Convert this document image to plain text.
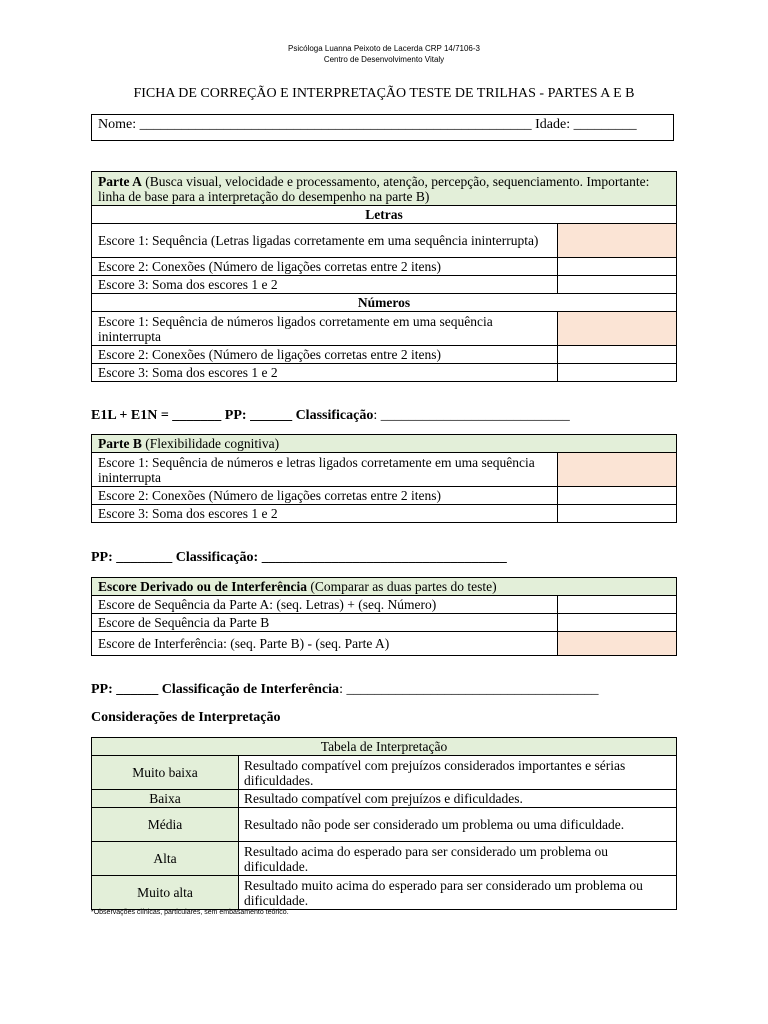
Psicóloga Luanna Peixoto de Lacerda CRP 14/7106-3
Centro de Desenvolvimento Vitaly
FICHA DE CORREÇÃO E INTERPRETAÇÃO TESTE DE TRILHAS - PARTES A E B
Nome: ________________________________________________________ Idade: _________
Parte A (Busca visual, velocidade e processamento, atenção, percepção, sequenciamento. Importante: linha de base para a interpretação do desempenho na parte B)	
Letras	
Escore 1: Sequência (Letras ligadas corretamente em uma sequência ininterrupta)	
Escore 2: Conexões (Número de ligações corretas entre 2 itens)	
Escore 3: Soma dos escores 1 e 2	
Números	
Escore 1: Sequência de números ligados corretamente em uma sequência ininterrupta	
Escore 2: Conexões (Número de ligações corretas entre 2 itens)	
Escore 3: Soma dos escores 1 e 2	
E1L + E1N = _______ PP: ______ Classificação: ___________________________
Parte B (Flexibilidade cognitiva)	
Escore 1: Sequência de números e letras ligados corretamente em uma sequência ininterrupta	
Escore 2: Conexões (Número de ligações corretas entre 2 itens)	
Escore 3: Soma dos escores 1 e 2	
PP: ________ Classificação: ___________________________________
Escore Derivado ou de Interferência (Comparar as duas partes do teste)	
Escore de Sequência da Parte A: (seq. Letras) + (seq. Número)	
Escore de Sequência da Parte B	
Escore de Interferência: (seq. Parte B) - (seq. Parte A)	
PP: ______ Classificação de Interferência: ____________________________________
Considerações de Interpretação
Tabela de Interpretação	
Muito baixa	Resultado compatível com prejuízos considerados importantes e sérias dificuldades.
Baixa	Resultado compatível com prejuízos e dificuldades.
Média	Resultado não pode ser considerado um problema ou uma dificuldade.
Alta	Resultado acima do esperado para ser considerado um problema ou dificuldade.
Muito alta	Resultado muito acima do esperado para ser considerado um problema ou dificuldade.
*Observações clínicas, particulares, sem embasamento teórico.
